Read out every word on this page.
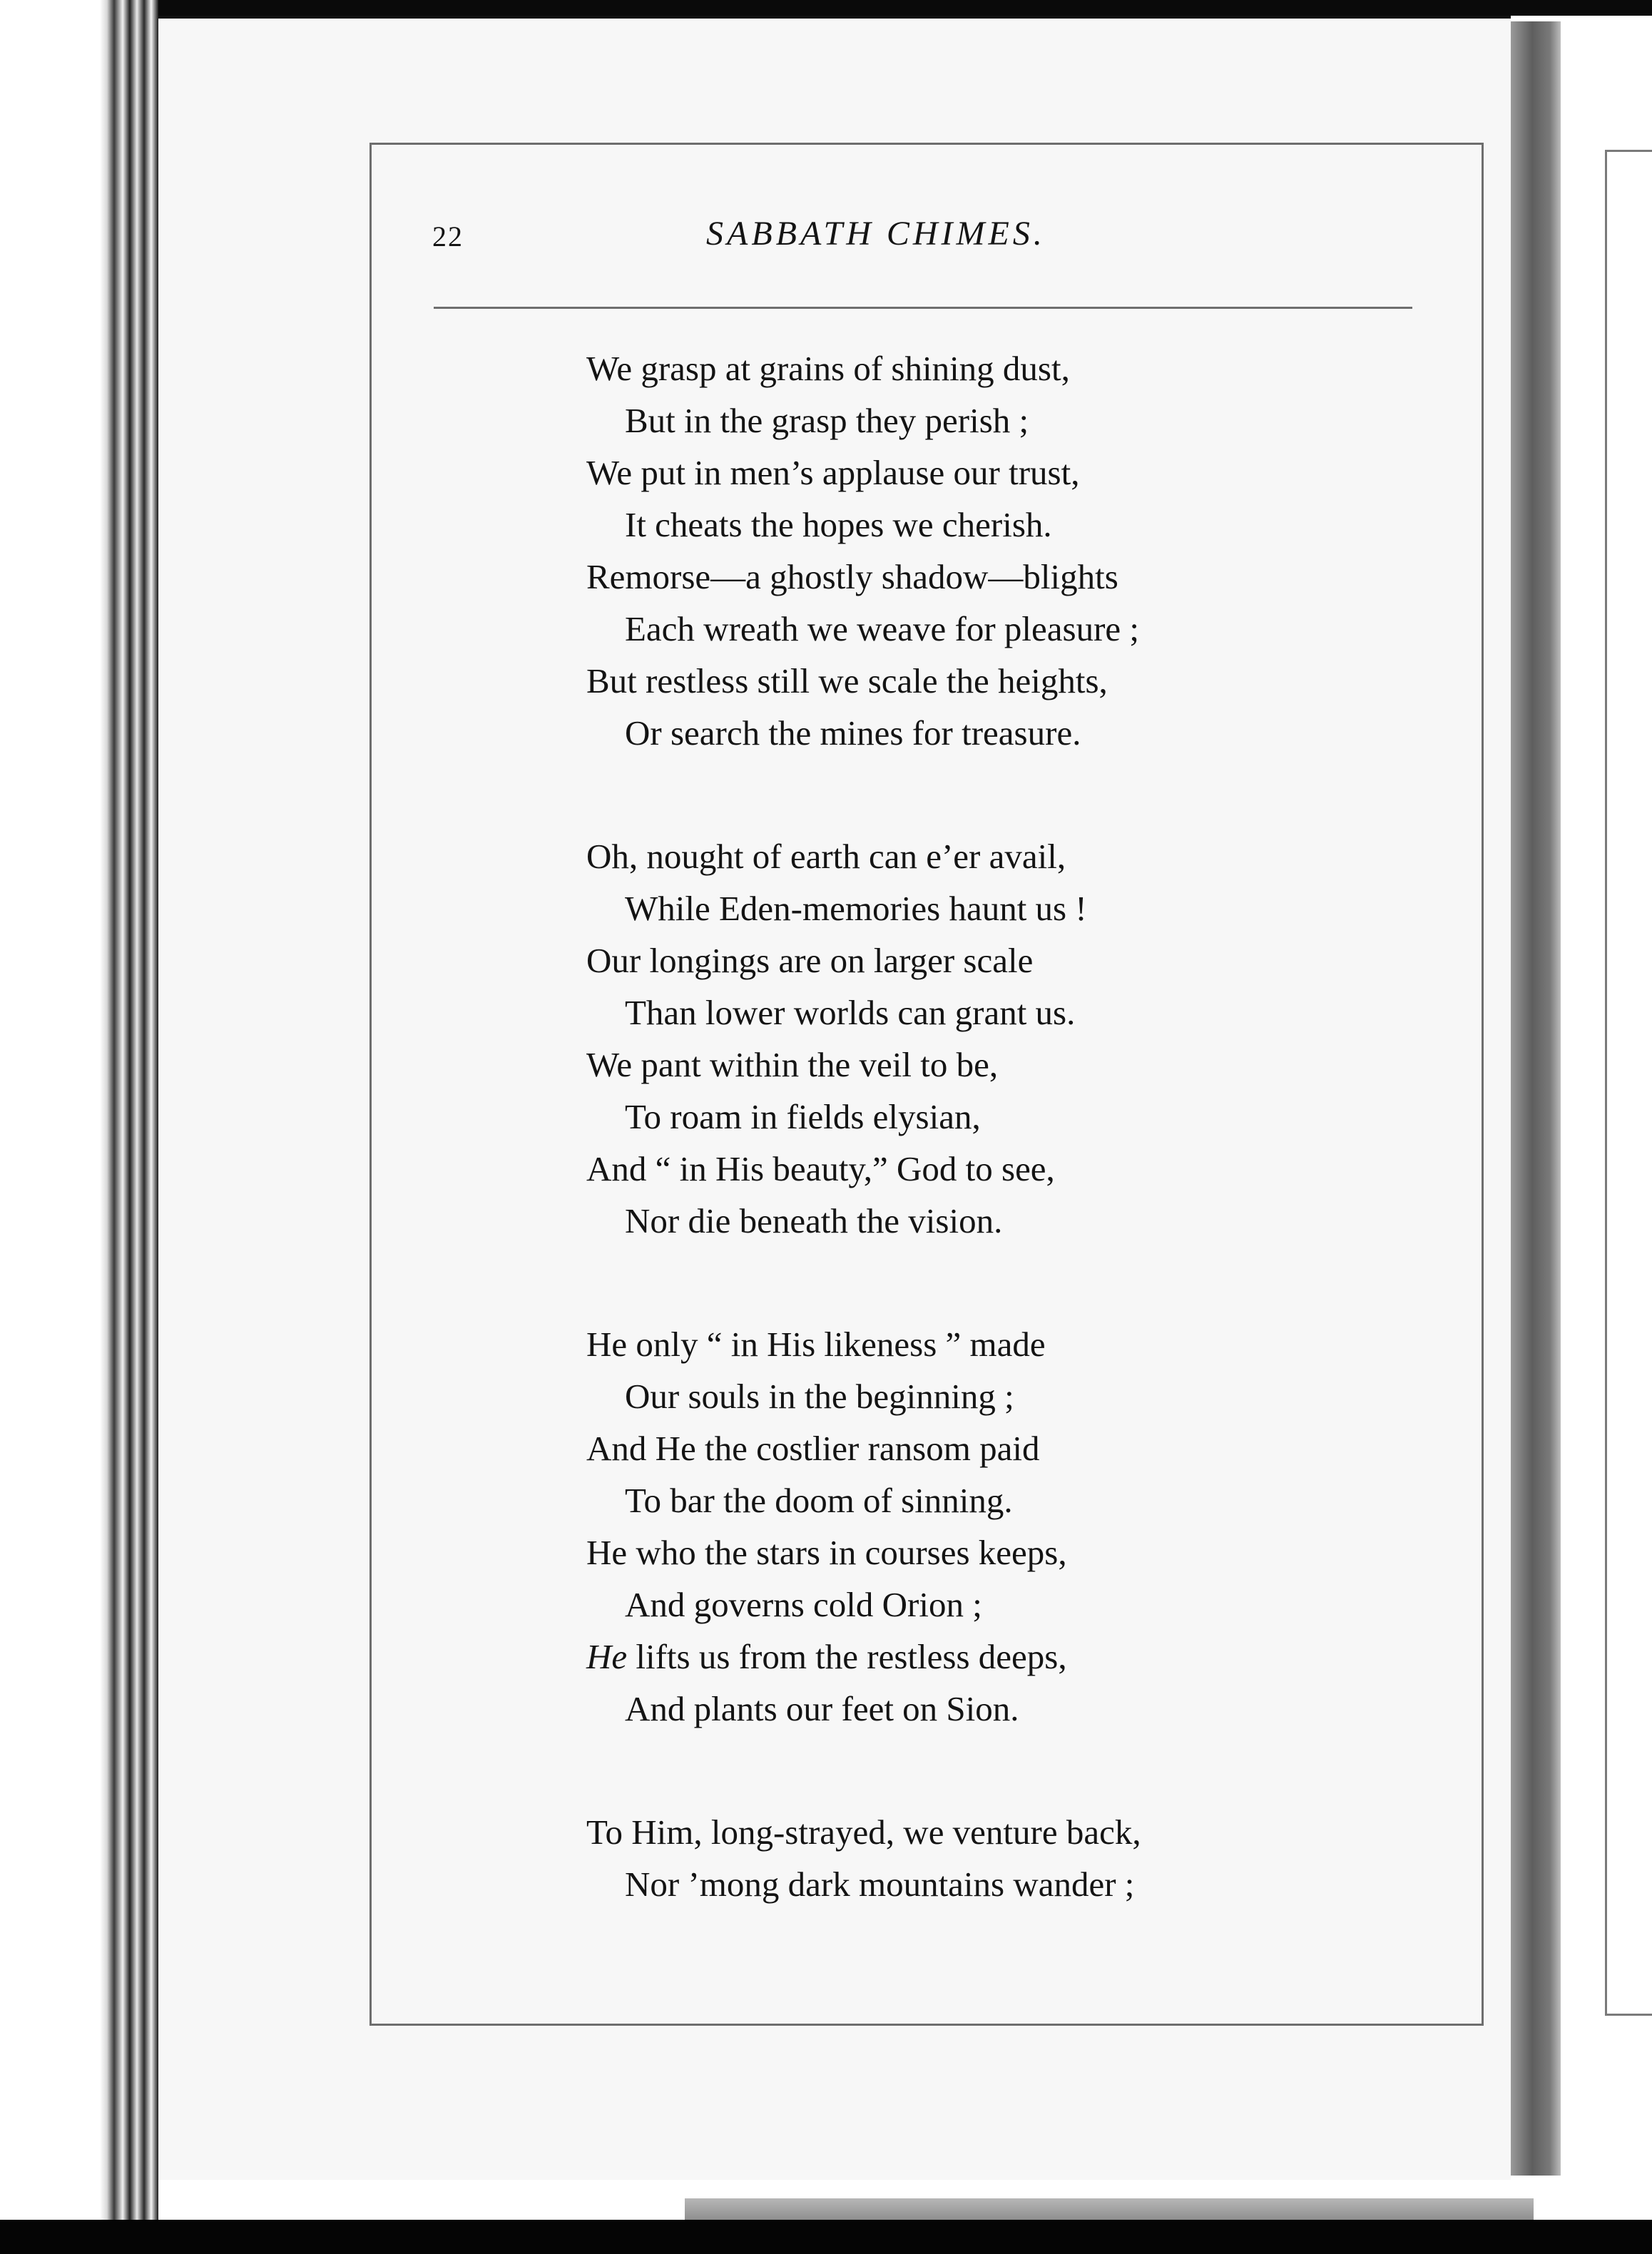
22	SABBATH CHIMES.
We grasp at grains of shining dust,
But in the grasp they perish ;
We put in men’s applause our trust,
It cheats the hopes we cherish.
Remorse—a ghostly shadow—blights
Each wreath we weave for pleasure ;
But restless still we scale the heights,
Or search the mines for treasure.
Oh, nought of earth can e’er avail,
While Eden-memories haunt us !
Our longings are on larger scale
Than lower worlds can grant us.
We pant within the veil to be,
To roam in fields elysian,
And “ in His beauty,” God to see,
Nor die beneath the vision.
He only “ in His likeness ” made
Our souls in the beginning ;
And He the costlier ransom paid
To bar the doom of sinning.
He who the stars in courses keeps,
And governs cold Orion ;
He lifts us from the restless deeps,
And plants our feet on Sion.
To Him, long-strayed, we venture back,
Nor ’mong dark mountains wander ;
